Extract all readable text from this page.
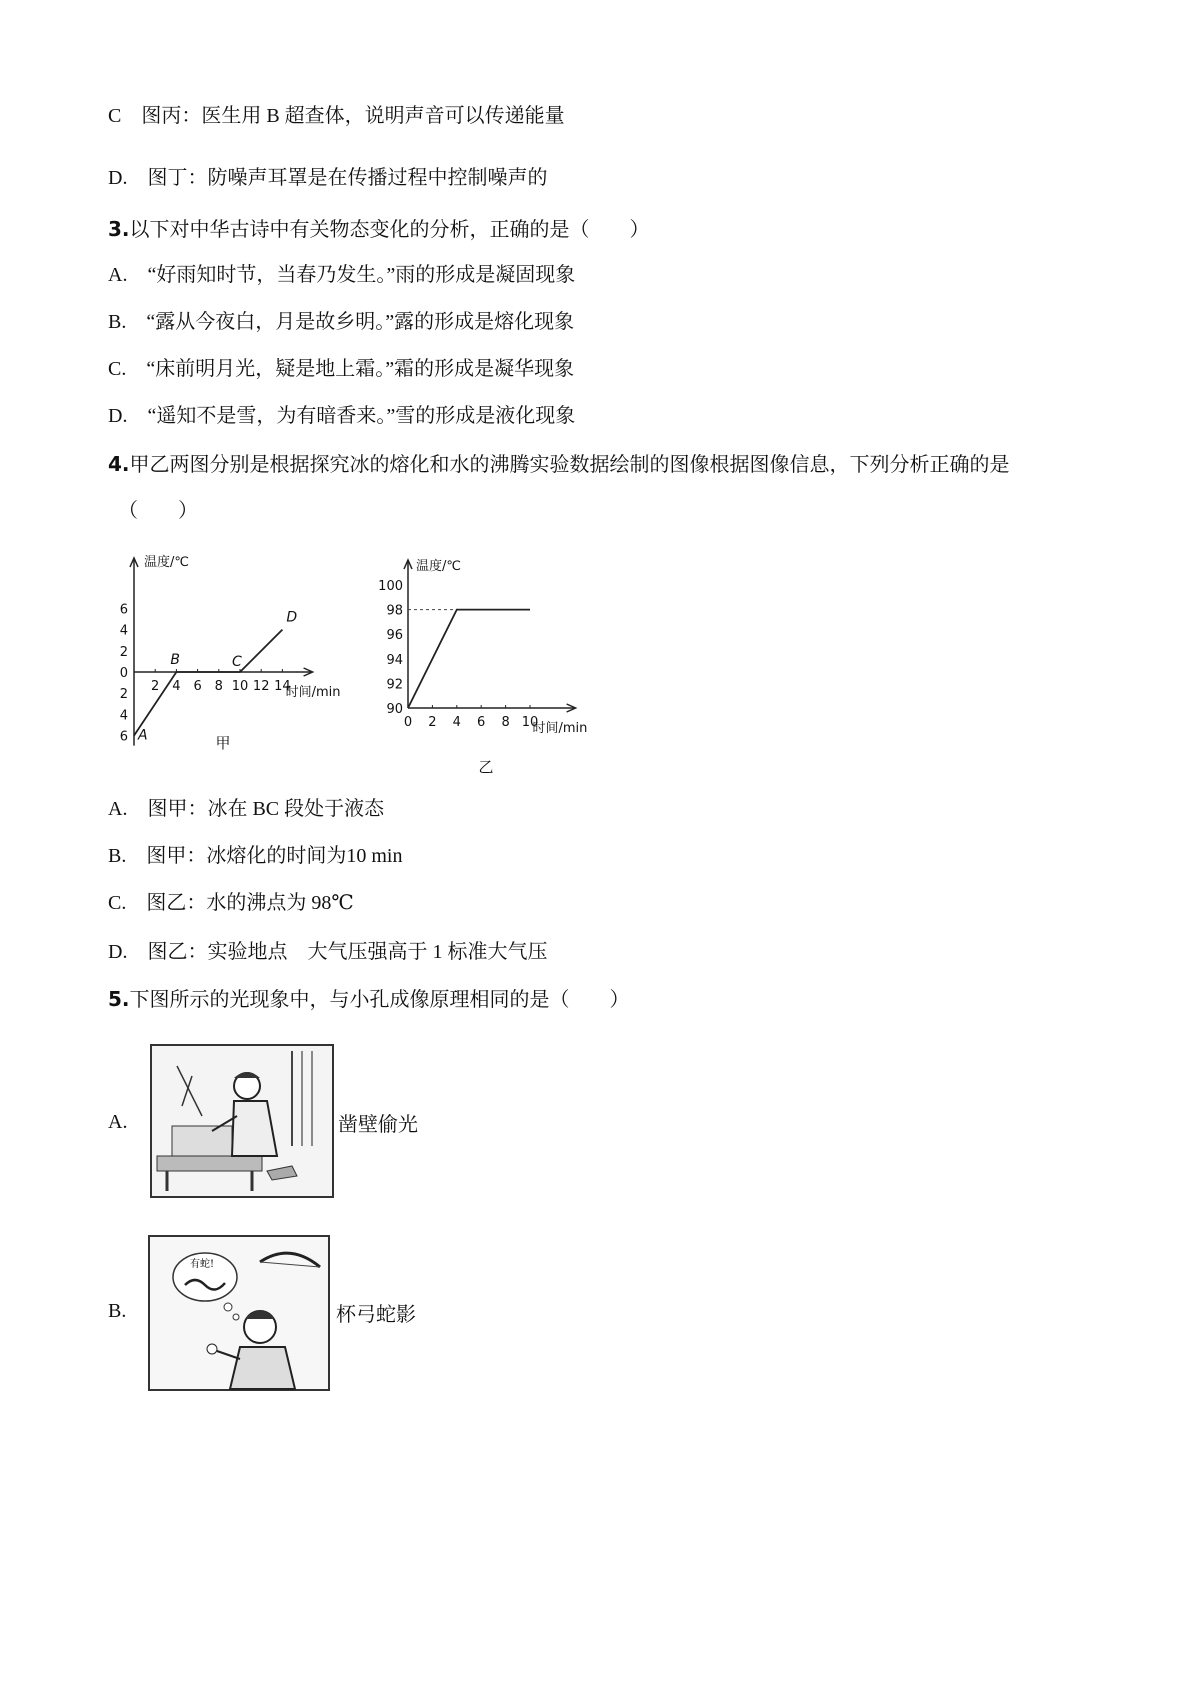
C　图丙：医生用 B 超查体，说明声音可以传递能量
D.　图丁：防噪声耳罩是在传播过程中控制噪声的
3.以下对中华古诗中有关物态变化的分析，正确的是（　　）
A.　“好雨知时节，当春乃发生。”雨的形成是凝固现象
B.　“露从今夜白，月是故乡明。”露的形成是熔化现象
C.　“床前明月光，疑是地上霜。”霜的形成是凝华现象
D.　“遥知不是雪，为有暗香来。”雪的形成是液化现象
4.甲乙两图分别是根据探究冰的熔化和水的沸腾实验数据绘制的图像根据图像信息，下列分析正确的是
（　　）
温度/℃
时间/min
2 4 6 8 10 12 14
6
4
2
0
2
4
6 A
B	C
D
甲
温度/℃
时间/min
0 2 4 6 8 10
90
92
94
96
98
100
乙
A.　图甲：冰在 BC 段处于液态
B.　图甲：冰熔化的时间为10 min
C.　图乙：水的沸点为 98℃
D.　图乙：实验地点　大气压强高于 1 标准大气压
5.下图所示的光现象中，与小孔成像原理相同的是（　　）
A.	凿壁偷光
B.
有蛇!
杯弓蛇影
